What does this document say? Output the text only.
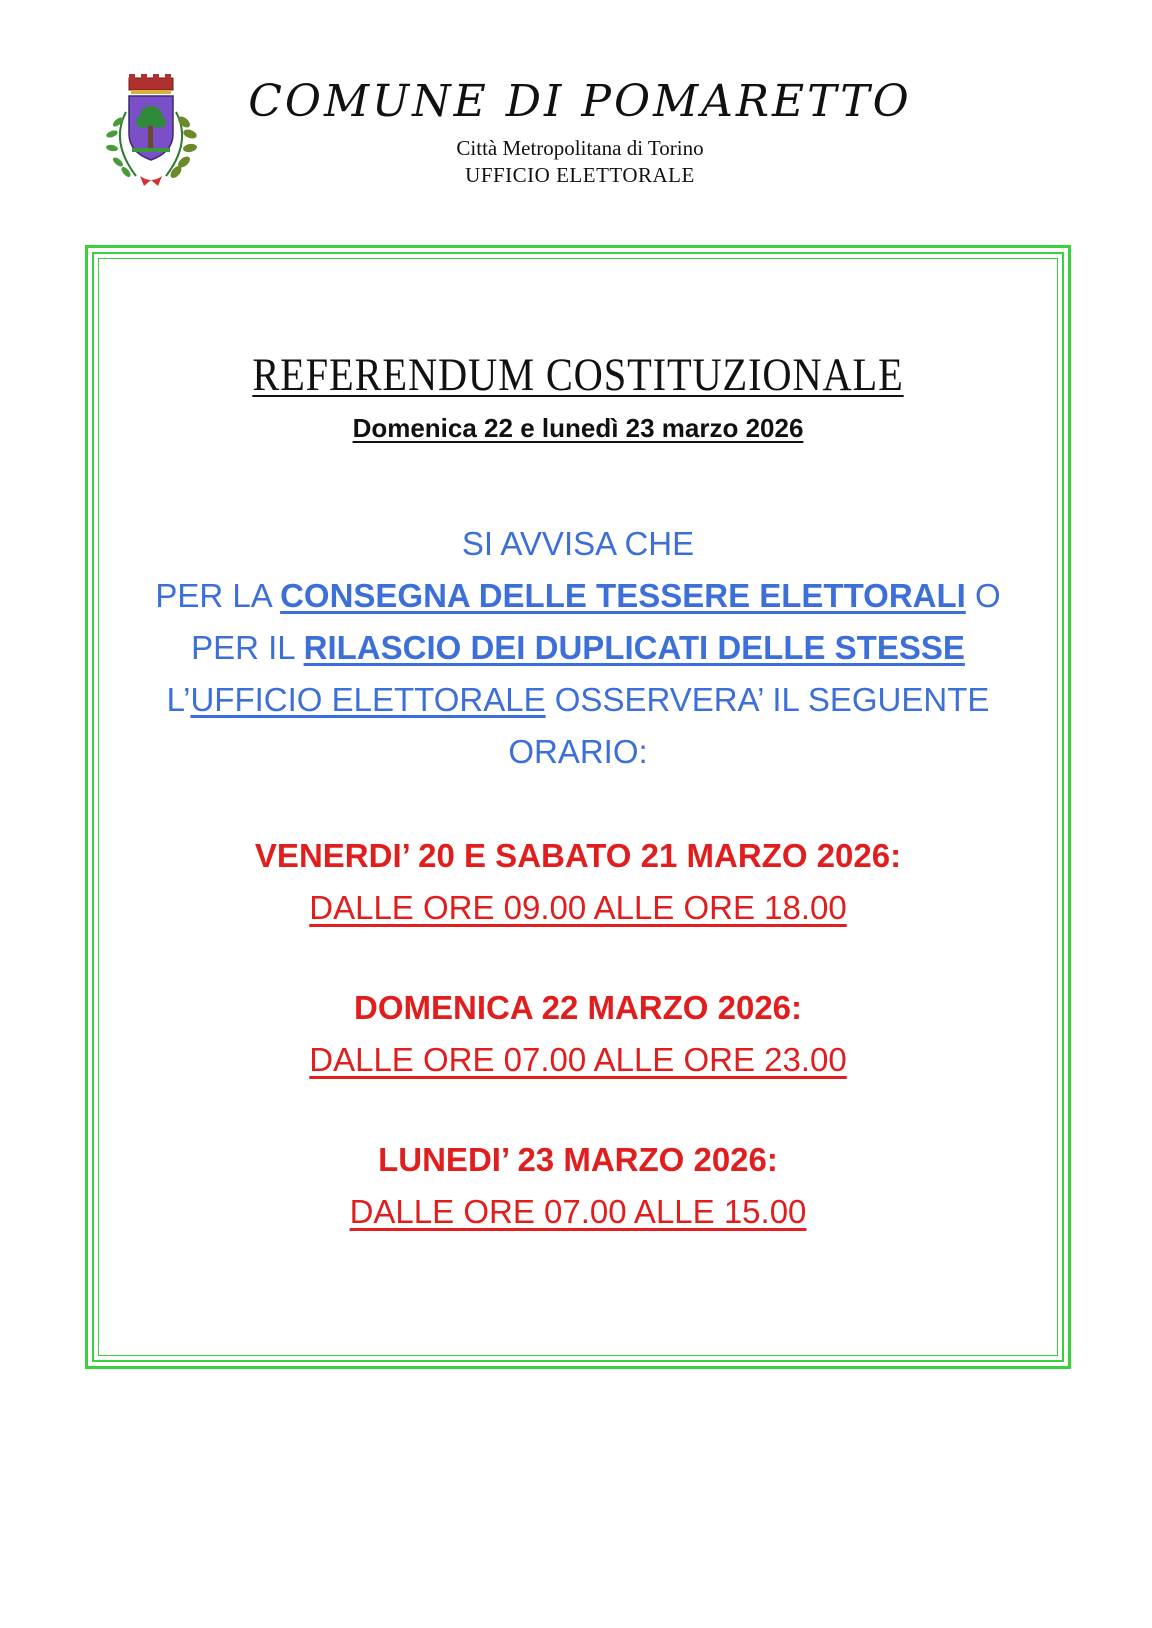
COMUNE DI POMARETTO
Città Metropolitana di Torino
UFFICIO ELETTORALE
REFERENDUM COSTITUZIONALE
Domenica 22 e lunedì 23 marzo 2026
SI AVVISA CHE
PER LA CONSEGNA DELLE TESSERE ELETTORALI O
PER IL RILASCIO DEI DUPLICATI DELLE STESSE
L’UFFICIO ELETTORALE OSSERVERA’ IL SEGUENTE
ORARIO:
VENERDI’ 20 E SABATO 21 MARZO 2026:
DALLE ORE 09.00 ALLE ORE 18.00
DOMENICA 22 MARZO 2026:
DALLE ORE 07.00 ALLE ORE 23.00
LUNEDI’ 23 MARZO 2026:
DALLE ORE 07.00 ALLE 15.00
